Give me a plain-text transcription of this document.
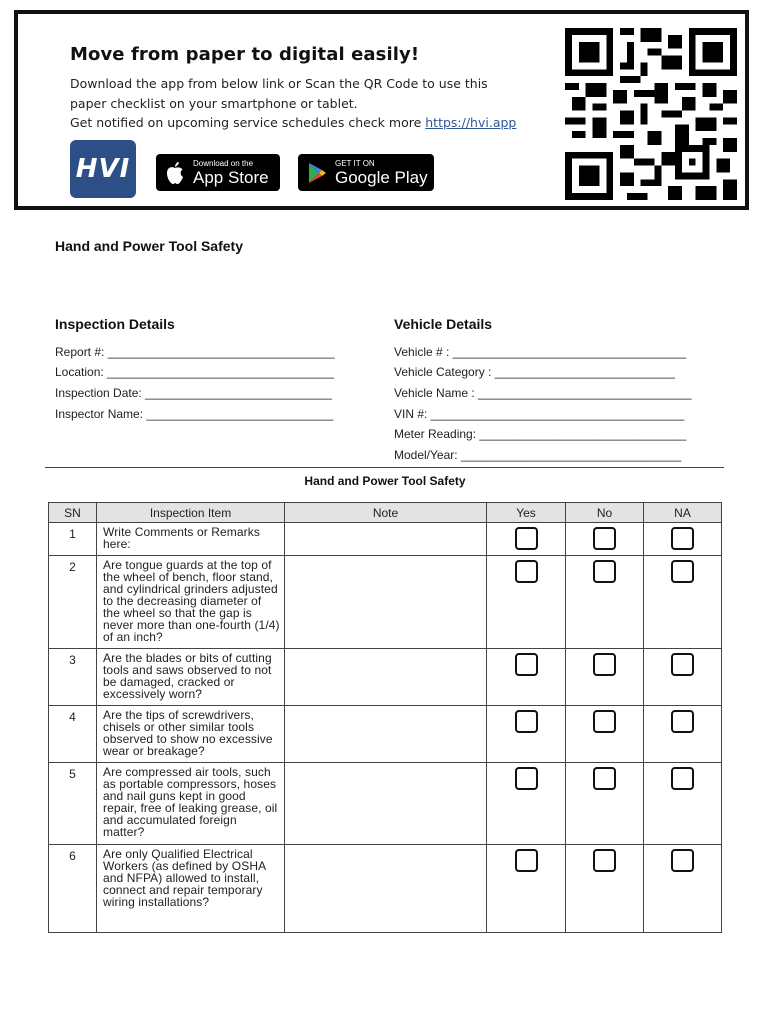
Move from paper to digital easily!
Download the app from below link or Scan the QR Code to use this
paper checklist on your smartphone or tablet.
Get notified on upcoming service schedules check more https://hvi.app
HVI	Download on the
App Store
GET IT ON
Google Play
Hand and Power Tool Safety
Inspection Details	Vehicle Details
Report #: __________________________________
Location: __________________________________
Inspection Date: ____________________________
Inspector Name: ____________________________
Vehicle # : ___________________________________
Vehicle Category : ___________________________
Vehicle Name : ________________________________
VIN #: ______________________________________
Meter Reading: _______________________________
Model/Year: _________________________________
Hand and Power Tool Safety
SN	Inspection Item	Note	Yes	No	NA
1	Write Comments or Remarks here:				
2	Are tongue guards at the top of the wheel of bench, floor stand, and cylindrical grinders adjusted to the decreasing diameter of the wheel so that the gap is never more than one-fourth (1/4) of an inch?				
3	Are the blades or bits of cutting tools and saws observed to not be damaged, cracked or excessively worn?				
4	Are the tips of screwdrivers, chisels or other similar tools observed to show no excessive wear or breakage?				
5	Are compressed air tools, such as portable compressors, hoses and nail guns kept in good repair, free of leaking grease, oil and accumulated foreign matter?				
6	Are only Qualified Electrical Workers (as defined by OSHA and NFPA) allowed to install, connect and repair temporary wiring installations?				
